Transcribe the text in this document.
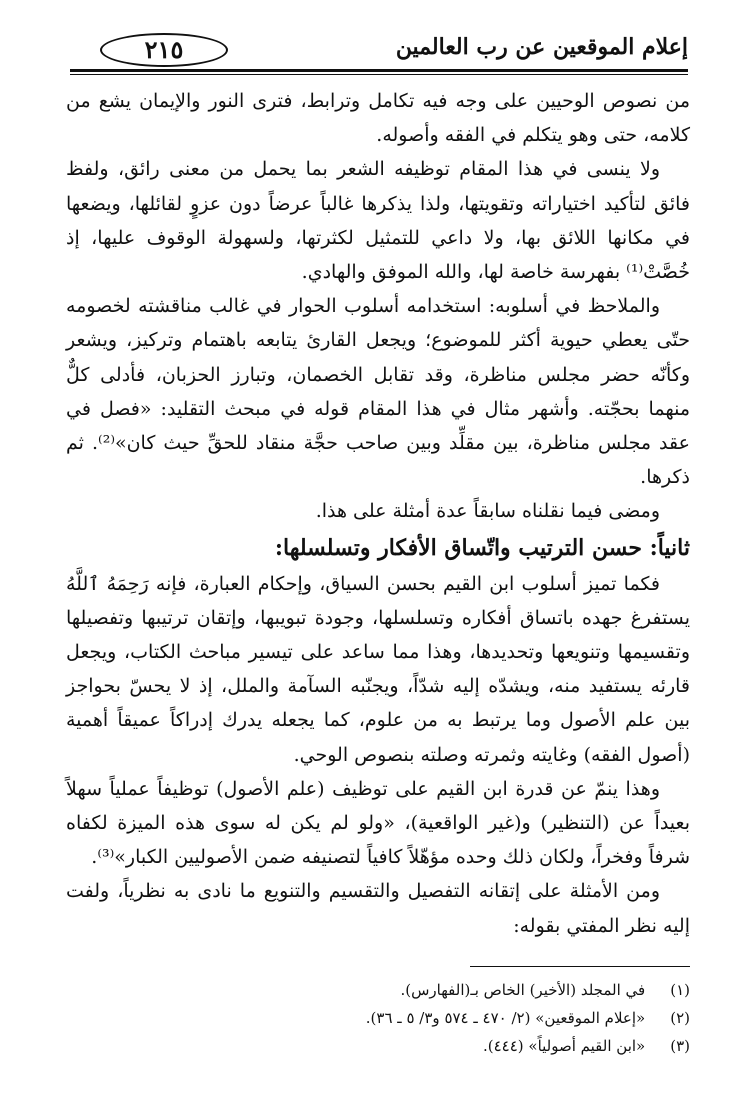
إعلام الموقعين عن رب العالمين
٢١٥

من نصوص الوحيين على وجه فيه تكامل وترابط، فترى النور والإيمان يشع من كلامه، حتى وهو يتكلم في الفقه وأصوله.

ولا ينسى في هذا المقام توظيفه الشعر بما يحمل من معنى رائق، ولفظ فائق لتأكيد اختياراته وتقويتها، ولذا يذكرها غالباً عرضاً دون عزوٍ لقائلها، ويضعها في مكانها اللائق بها، ولا داعي للتمثيل لكثرتها، ولسهولة الوقوف عليها، إذ خُصَّتْ⁽¹⁾ بفهرسة خاصة لها، والله الموفق والهادي.

والملاحظ في أسلوبه: استخدامه أسلوب الحوار في غالب مناقشته لخصومه حتّى يعطي حيوية أكثر للموضوع؛ ويجعل القارئ يتابعه باهتمام وتركيز، ويشعر وكأنّه حضر مجلس مناظرة، وقد تقابل الخصمان، وتبارز الحزبان، فأدلى كلٌّ منهما بحجّته. وأشهر مثال في هذا المقام قوله في مبحث التقليد: «فصل في عقد مجلس مناظرة، بين مقلِّد وبين صاحب حجَّة منقاد للحقِّ حيث كان»⁽²⁾. ثم ذكرها.

ومضى فيما نقلناه سابقاً عدة أمثلة على هذا.

ثانياً: حسن الترتيب واتّساق الأفكار وتسلسلها:

فكما تميز أسلوب ابن القيم بحسن السياق، وإحكام العبارة، فإنه رَحِمَهُ ٱللَّهُ يستفرغ جهده باتساق أفكاره وتسلسلها، وجودة تبويبها، وإتقان ترتيبها وتفصيلها وتقسيمها وتنويعها وتحديدها، وهذا مما ساعد على تيسير مباحث الكتاب، ويجعل قارئه يستفيد منه، ويشدّه إليه شدّاً، ويجنّبه السآمة والملل، إذ لا يحسّ بحواجز بين علم الأصول وما يرتبط به من علوم، كما يجعله يدرك إدراكاً عميقاً أهمية (أصول الفقه) وغايته وثمرته وصلته بنصوص الوحي.

وهذا ينمّ عن قدرة ابن القيم على توظيف (علم الأصول) توظيفاً عملياً سهلاً بعيداً عن (التنظير) و(غير الواقعية)، «ولو لم يكن له سوى هذه الميزة لكفاه شرفاً وفخراً، ولكان ذلك وحده مؤهّلاً كافياً لتصنيفه ضمن الأصوليين الكبار»⁽³⁾.

ومن الأمثلة على إتقانه التفصيل والتقسيم والتنويع ما نادى به نظرياً، ولفت إليه نظر المفتي بقوله:

(١) في المجلد (الأخير) الخاص بـ(الفهارس).
(٢) «إعلام الموقعين» (٢/ ٤٧٠ ـ ٥٧٤ و٣/ ٥ ـ ٣٦).
(٣) «ابن القيم أصولياً» (٤٤٤).
